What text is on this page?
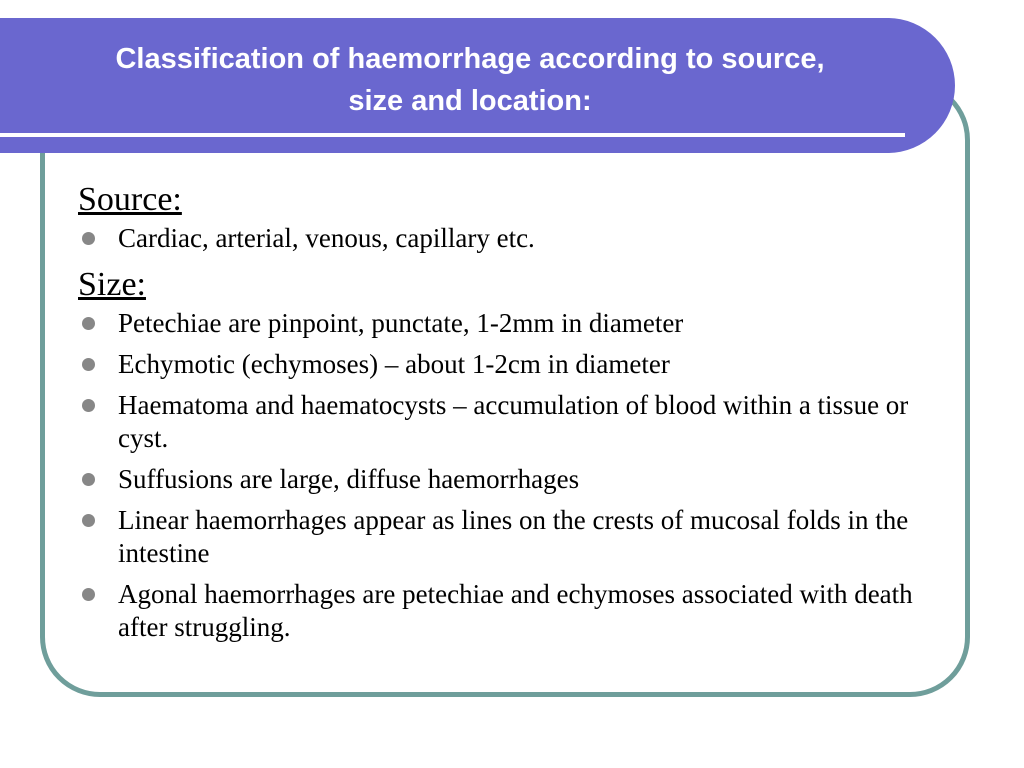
Classification of haemorrhage according to source,
size and location:
Source:
Cardiac, arterial, venous, capillary etc.
Size:
Petechiae are pinpoint, punctate, 1-2mm in diameter
Echymotic (echymoses) – about 1-2cm in diameter
Haematoma and haematocysts – accumulation of blood within a tissue or cyst.
Suffusions are large, diffuse haemorrhages
Linear haemorrhages appear as lines on the crests of mucosal folds in the intestine
Agonal haemorrhages are petechiae and echymoses associated with death after struggling.
